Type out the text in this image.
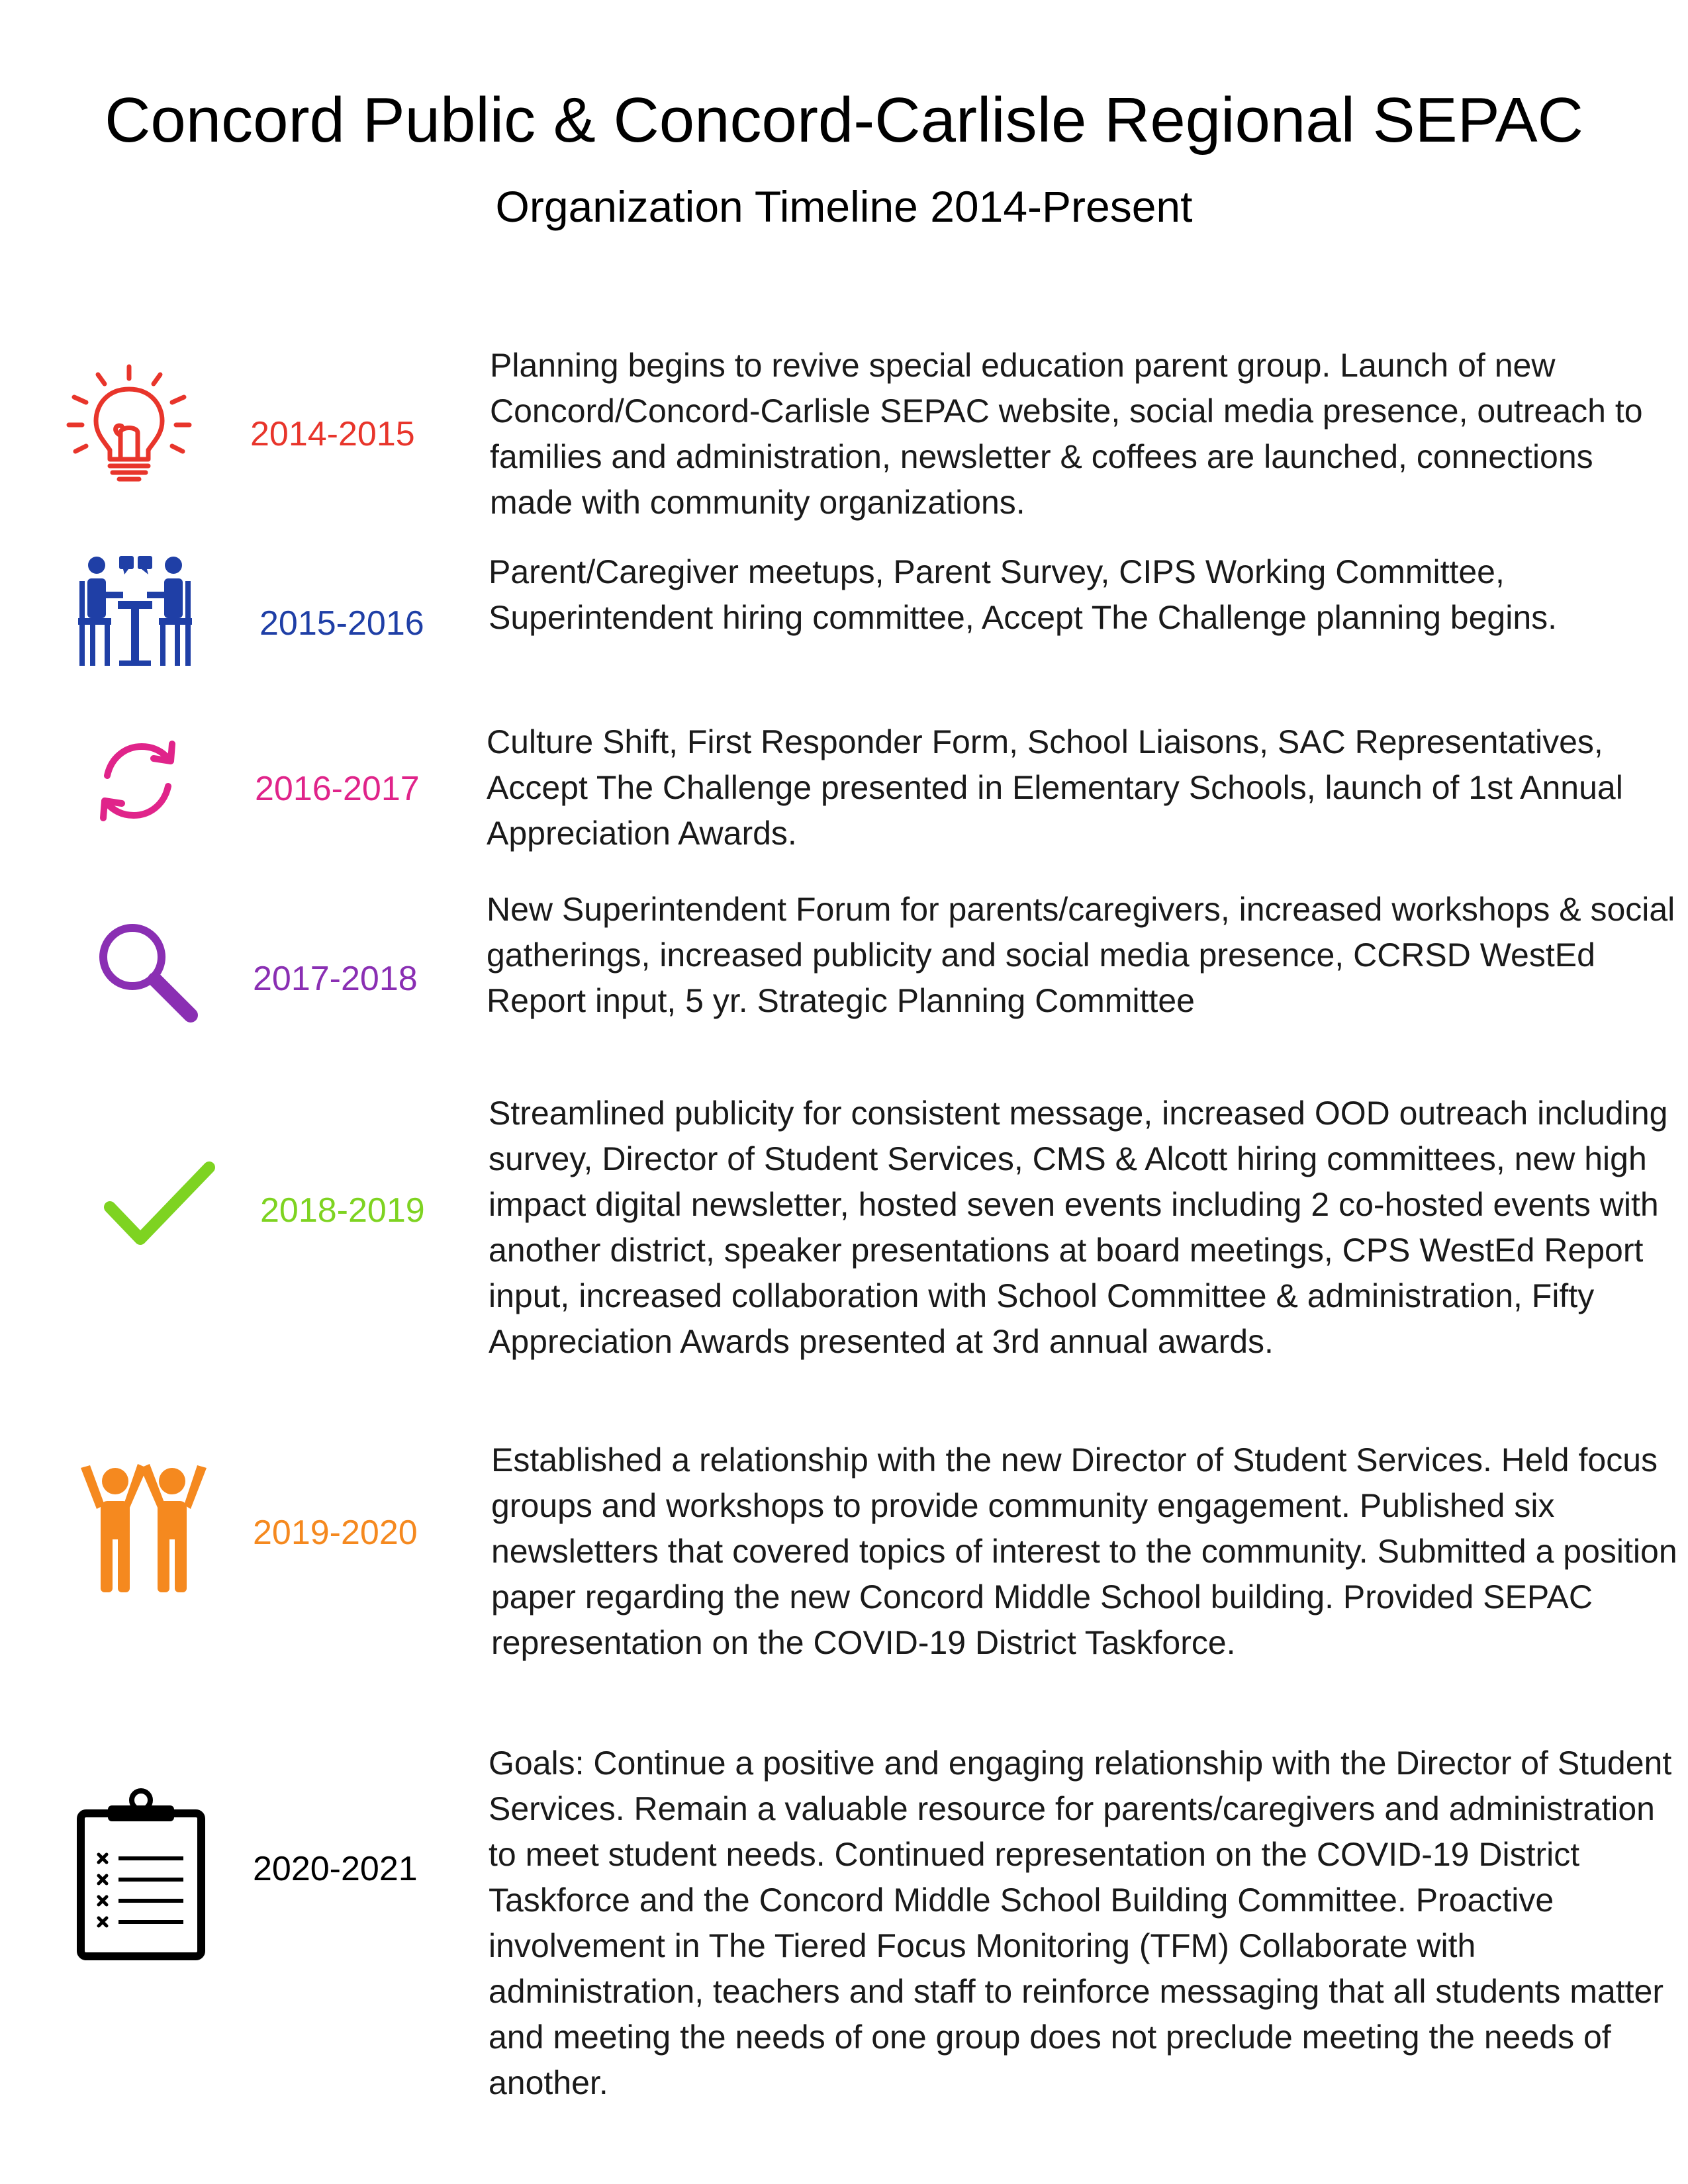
Concord Public & Concord-Carlisle Regional SEPAC
Organization Timeline 2014-Present
2014-2015
Planning begins to revive special education parent group. Launch of new Concord/Concord-Carlisle SEPAC website, social media presence, outreach to families and administration, newsletter & coffees are launched, connections made with community organizations.
2015-2016
Parent/Caregiver meetups, Parent Survey, CIPS Working Committee, Superintendent hiring committee, Accept The Challenge planning begins.
2016-2017
Culture Shift, First Responder Form, School Liaisons, SAC Representatives, Accept The Challenge presented in Elementary Schools, launch of 1st Annual Appreciation Awards.
2017-2018
New Superintendent Forum for parents/caregivers, increased workshops & social gatherings, increased publicity and social media presence, CCRSD WestEd Report input, 5 yr. Strategic Planning Committee
2018-2019
Streamlined publicity for consistent message, increased OOD outreach including survey, Director of Student Services, CMS & Alcott hiring committees, new high impact digital newsletter, hosted seven events including 2 co-hosted events with another district, speaker presentations at board meetings, CPS WestEd Report input, increased collaboration with School Committee & administration, Fifty Appreciation Awards presented at 3rd annual awards.
2019-2020
Established a relationship with the new Director of Student Services. Held focus groups and workshops to provide community engagement. Published six newsletters that covered topics of interest to the community. Submitted a position paper regarding the new Concord Middle School building. Provided SEPAC representation on the COVID-19 District Taskforce.
2020-2021
Goals: Continue a positive and engaging relationship with the Director of Student Services. Remain a valuable resource for parents/caregivers and administration to meet student needs. Continued representation on the COVID-19 District Taskforce and the Concord Middle School Building Committee. Proactive involvement in The Tiered Focus Monitoring (TFM) Collaborate with administration, teachers and staff to reinforce messaging that all students matter and meeting the needs of one group does not preclude meeting the needs of another.
